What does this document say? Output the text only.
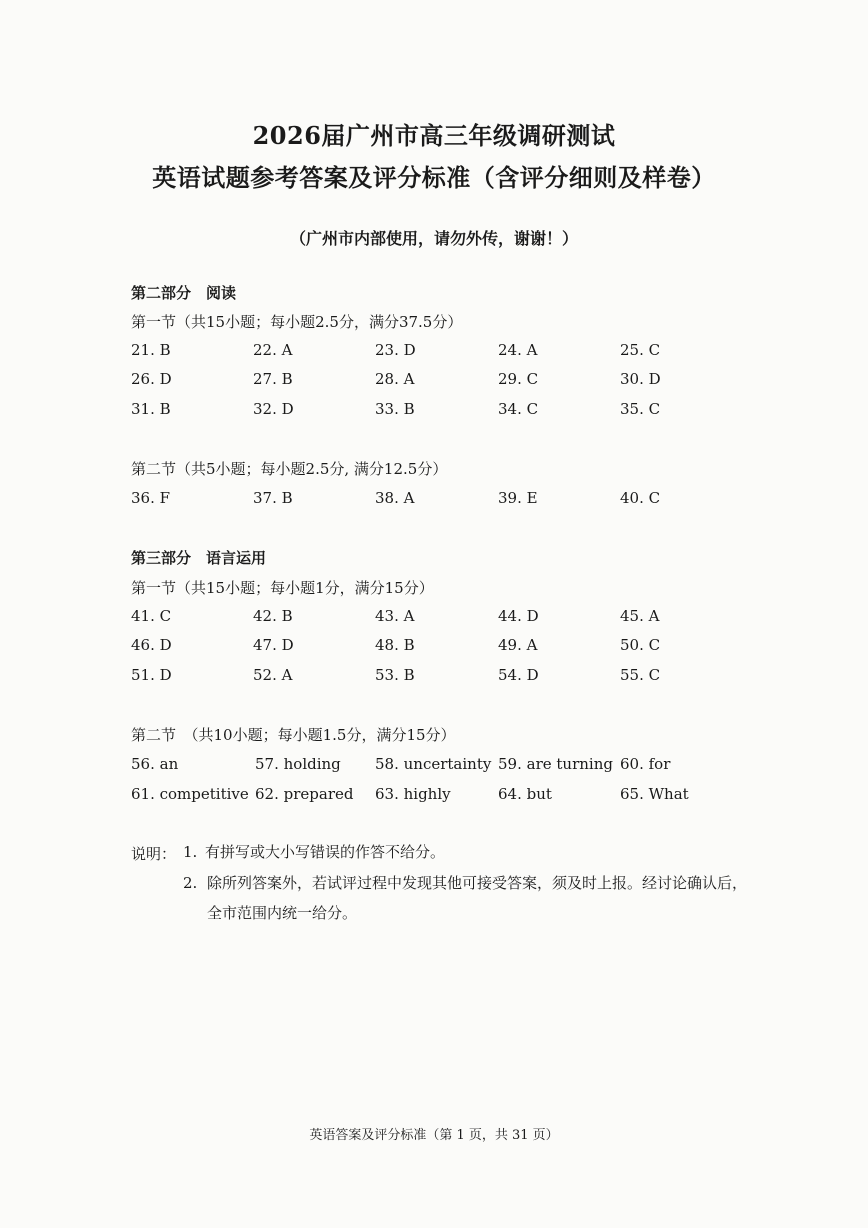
2026届广州市高三年级调研测试
英语试题参考答案及评分标准（含评分细则及样卷）
（广州市内部使用，请勿外传，谢谢！）
第二部分　阅读
第一节（共15小题；每小题2.5分，满分37.5分）
21. B	22. A	23. D	24. A	25. C
26. D	27. B	28. A	29. C	30. D
31. B	32. D	33. B	34. C	35. C
第二节（共5小题；每小题2.5分, 满分12.5分）
36. F	37. B	38. A	39. E	40. C
第三部分　语言运用
第一节（共15小题；每小题1分，满分15分）
41. C	42. B	43. A	44. D	45. A
46. D	47. D	48. B	49. A	50. C
51. D	52. A	53. B	54. D	55. C
第二节　（共10小题；每小题1.5分，满分15分）
56. an	57. holding 58. uncertainty 59. are turning 60. for
61. competitive 62. prepared 63. highly	64. but	65. What
说明： 1. 有拼写或大小写错误的作答不给分。
2. 除所列答案外，若试评过程中发现其他可接受答案，须及时上报。经讨论确认后，
全市范围内统一给分。
英语答案及评分标准（第 1 页，共 31 页）
